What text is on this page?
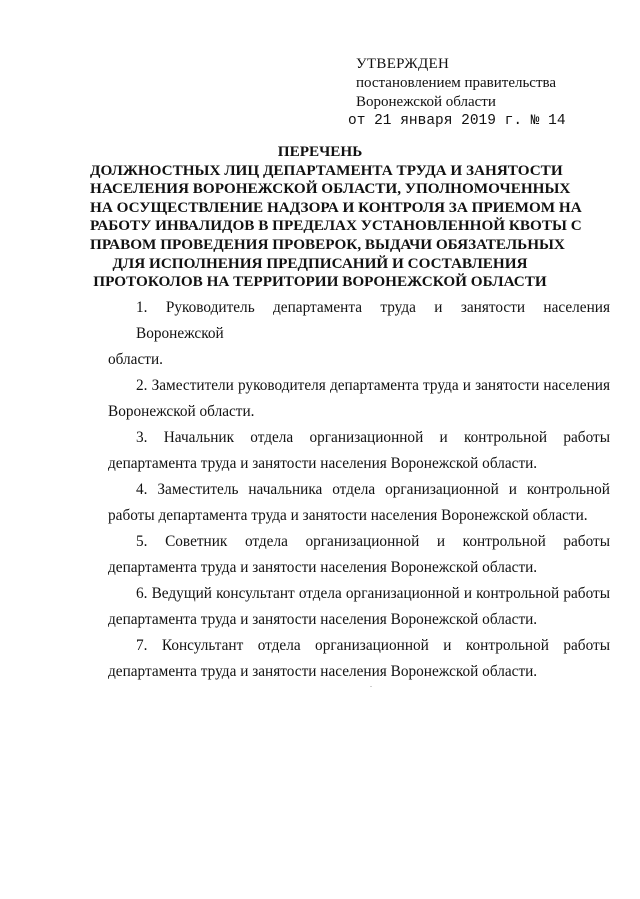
УТВЕРЖДЕН
постановлением правительства
Воронежской области
от 21 января 2019 г. № 14
ПЕРЕЧЕНЬ
ДОЛЖНОСТНЫХ ЛИЦ ДЕПАРТАМЕНТА ТРУДА И ЗАНЯТОСТИ
НАСЕЛЕНИЯ ВОРОНЕЖСКОЙ ОБЛАСТИ, УПОЛНОМОЧЕННЫХ
НА ОСУЩЕСТВЛЕНИЕ НАДЗОРА И КОНТРОЛЯ ЗА ПРИЕМОМ НА
РАБОТУ ИНВАЛИДОВ В ПРЕДЕЛАХ УСТАНОВЛЕННОЙ КВОТЫ С
ПРАВОМ ПРОВЕДЕНИЯ ПРОВЕРОК, ВЫДАЧИ ОБЯЗАТЕЛЬНЫХ
ДЛЯ ИСПОЛНЕНИЯ ПРЕДПИСАНИЙ И СОСТАВЛЕНИЯ
ПРОТОКОЛОВ НА ТЕРРИТОРИИ ВОРОНЕЖСКОЙ ОБЛАСТИ
1. Руководитель департамента труда и занятости населения Воронежской
области.
2. Заместители руководителя департамента труда и занятости населения
Воронежской области.
3. Начальник отдела организационной и контрольной работы
департамента труда и занятости населения Воронежской области.
4. Заместитель начальника отдела организационной и контрольной
работы департамента труда и занятости населения Воронежской области.
5. Советник отдела организационной и контрольной работы
департамента труда и занятости населения Воронежской области.
6. Ведущий консультант отдела организационной и контрольной работы
департамента труда и занятости населения Воронежской области.
7. Консультант отдела организационной и контрольной работы
департамента труда и занятости населения Воронежской области.
